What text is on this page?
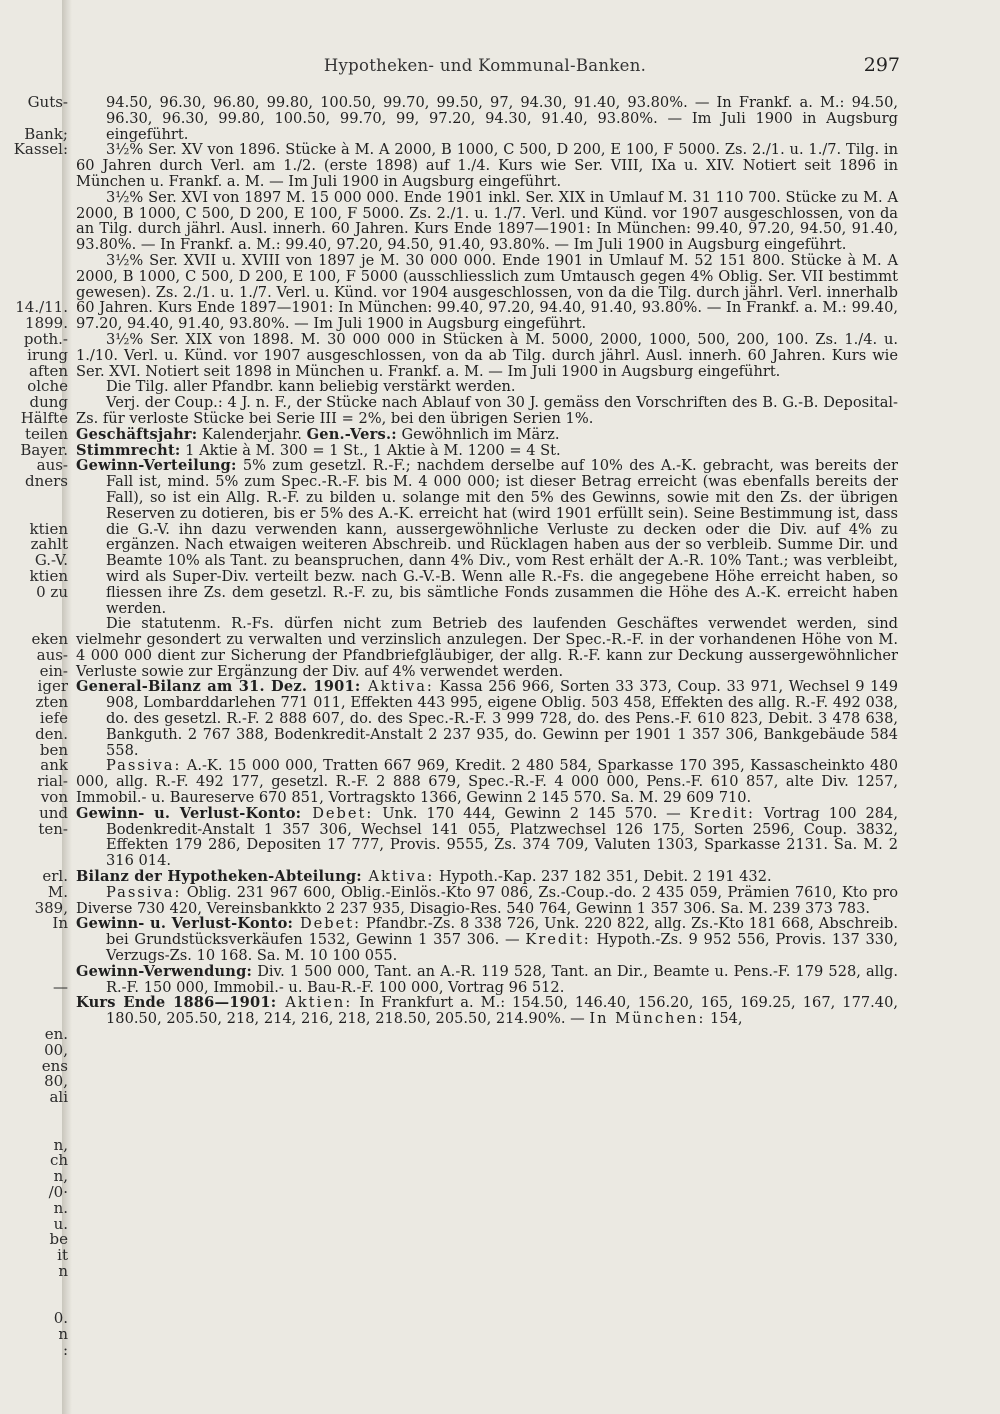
Guts-
Bank;
Kassel:
14./11.
1899.
poth.-
irung
aften
olche
dung
Hälfte
teilen
Bayer.
aus-
dners
ktien
zahlt
G.-V.
ktien
0 zu
eken
aus-
ein-
iger
zten
iefe
den.
ben
ank
rial-
von
und
ten-
erl.
M.
389,
In
—
en.
00,
ens
80,
ali
n,
ch
n,
/0·
n.
u.
be
it
n
0.
n
:
Hypotheken- und Kommunal-Banken.	297

94.50, 96.30, 96.80, 99.80, 100.50, 99.70, 99.50, 97, 94.30, 91.40, 93.80%. — In Frankf. a. M.: 94.50, 96.30, 96.30, 99.80, 100.50, 99.70, 99, 97.20, 94.30, 91.40, 93.80%. — Im Juli 1900 in Augsburg eingeführt.

3½% Ser. XV von 1896. Stücke à M. A 2000, B 1000, C 500, D 200, E 100, F 5000. Zs. 2./1. u. 1./7. Tilg. in 60 Jahren durch Verl. am 1./2. (erste 1898) auf 1./4. Kurs wie Ser. VIII, IXa u. XIV. Notiert seit 1896 in München u. Frankf. a. M. — Im Juli 1900 in Augsburg eingeführt.

3½% Ser. XVI von 1897 M. 15 000 000. Ende 1901 inkl. Ser. XIX in Umlauf M. 31 110 700. Stücke zu M. A 2000, B 1000, C 500, D 200, E 100, F 5000. Zs. 2./1. u. 1./7. Verl. und Künd. vor 1907 ausgeschlossen, von da an Tilg. durch jährl. Ausl. innerh. 60 Jahren. Kurs Ende 1897—1901: In München: 99.40, 97.20, 94.50, 91.40, 93.80%. — In Frankf. a. M.: 99.40, 97.20, 94.50, 91.40, 93.80%. — Im Juli 1900 in Augsburg eingeführt.

3½% Ser. XVII u. XVIII von 1897 je M. 30 000 000. Ende 1901 in Umlauf M. 52 151 800. Stücke à M. A 2000, B 1000, C 500, D 200, E 100, F 5000 (ausschliesslich zum Umtausch gegen 4% Oblig. Ser. VII bestimmt gewesen). Zs. 2./1. u. 1./7. Verl. u. Künd. vor 1904 ausgeschlossen, von da die Tilg. durch jährl. Verl. innerhalb 60 Jahren. Kurs Ende 1897—1901: In München: 99.40, 97.20, 94.40, 91.40, 93.80%. — In Frankf. a. M.: 99.40, 97.20, 94.40, 91.40, 93.80%. — Im Juli 1900 in Augsburg eingeführt.

3½% Ser. XIX von 1898. M. 30 000 000 in Stücken à M. 5000, 2000, 1000, 500, 200, 100. Zs. 1./4. u. 1./10. Verl. u. Künd. vor 1907 ausgeschlossen, von da ab Tilg. durch jährl. Ausl. innerh. 60 Jahren. Kurs wie Ser. XVI. Notiert seit 1898 in München u. Frankf. a. M. — Im Juli 1900 in Augsburg eingeführt.

Die Tilg. aller Pfandbr. kann beliebig verstärkt werden.

Verj. der Coup.: 4 J. n. F., der Stücke nach Ablauf von 30 J. gemäss den Vorschriften des B. G.-B. Deposital-Zs. für verloste Stücke bei Serie III = 2%, bei den übrigen Serien 1%.

Geschäftsjahr: Kalenderjahr. Gen.-Vers.: Gewöhnlich im März.

Stimmrecht: 1 Aktie à M. 300 = 1 St., 1 Aktie à M. 1200 = 4 St.

Gewinn-Verteilung: 5% zum gesetzl. R.-F.; nachdem derselbe auf 10% des A.-K. gebracht, was bereits der Fall ist, mind. 5% zum Spec.-R.-F. bis M. 4 000 000; ist dieser Betrag erreicht (was ebenfalls bereits der Fall), so ist ein Allg. R.-F. zu bilden u. solange mit den 5% des Gewinns, sowie mit den Zs. der übrigen Reserven zu dotieren, bis er 5% des A.-K. erreicht hat (wird 1901 erfüllt sein). Seine Bestimmung ist, dass die G.-V. ihn dazu verwenden kann, aussergewöhnliche Verluste zu decken oder die Div. auf 4% zu ergänzen. Nach etwaigen weiteren Abschreib. und Rücklagen haben aus der so verbleib. Summe Dir. und Beamte 10% als Tant. zu beanspruchen, dann 4% Div., vom Rest erhält der A.-R. 10% Tant.; was verbleibt, wird als Super-Div. verteilt bezw. nach G.-V.-B. Wenn alle R.-Fs. die angegebene Höhe erreicht haben, so fliessen ihre Zs. dem gesetzl. R.-F. zu, bis sämtliche Fonds zusammen die Höhe des A.-K. erreicht haben werden.

Die statutenm. R.-Fs. dürfen nicht zum Betrieb des laufenden Geschäftes verwendet werden, sind vielmehr gesondert zu verwalten und verzinslich anzulegen. Der Spec.-R.-F. in der vorhandenen Höhe von M. 4 000 000 dient zur Sicherung der Pfandbriefgläubiger, der allg. R.-F. kann zur Deckung aussergewöhnlicher Verluste sowie zur Ergänzung der Div. auf 4% verwendet werden.

General-Bilanz am 31. Dez. 1901: Aktiva: Kassa 256 966, Sorten 33 373, Coup. 33 971, Wechsel 9 149 908, Lombarddarlehen 771 011, Effekten 443 995, eigene Oblig. 503 458, Effekten des allg. R.-F. 492 038, do. des gesetzl. R.-F. 2 888 607, do. des Spec.-R.-F. 3 999 728, do. des Pens.-F. 610 823, Debit. 3 478 638, Bankguth. 2 767 388, Bodenkredit-Anstalt 2 237 935, do. Gewinn per 1901 1 357 306, Bankgebäude 584 558.

Passiva: A.-K. 15 000 000, Tratten 667 969, Kredit. 2 480 584, Sparkasse 170 395, Kassascheinkto 480 000, allg. R.-F. 492 177, gesetzl. R.-F. 2 888 679, Spec.-R.-F. 4 000 000, Pens.-F. 610 857, alte Div. 1257, Immobil.- u. Baureserve 670 851, Vortragskto 1366, Gewinn 2 145 570. Sa. M. 29 609 710.

Gewinn- u. Verlust-Konto: Debet: Unk. 170 444, Gewinn 2 145 570. — Kredit: Vortrag 100 284, Bodenkredit-Anstalt 1 357 306, Wechsel 141 055, Platzwechsel 126 175, Sorten 2596, Coup. 3832, Effekten 179 286, Depositen 17 777, Provis. 9555, Zs. 374 709, Valuten 1303, Sparkasse 2131. Sa. M. 2 316 014.

Bilanz der Hypotheken-Abteilung: Aktiva: Hypoth.-Kap. 237 182 351, Debit. 2 191 432.

Passiva: Oblig. 231 967 600, Oblig.-Einlös.-Kto 97 086, Zs.-Coup.-do. 2 435 059, Prämien 7610, Kto pro Diverse 730 420, Vereinsbankkto 2 237 935, Disagio-Res. 540 764, Gewinn 1 357 306. Sa. M. 239 373 783.

Gewinn- u. Verlust-Konto: Debet: Pfandbr.-Zs. 8 338 726, Unk. 220 822, allg. Zs.-Kto 181 668, Abschreib. bei Grundstücksverkäufen 1532, Gewinn 1 357 306. — Kredit: Hypoth.-Zs. 9 952 556, Provis. 137 330, Verzugs-Zs. 10 168. Sa. M. 10 100 055.

Gewinn-Verwendung: Div. 1 500 000, Tant. an A.-R. 119 528, Tant. an Dir., Beamte u. Pens.-F. 179 528, allg. R.-F. 150 000, Immobil.- u. Bau-R.-F. 100 000, Vortrag 96 512.

Kurs Ende 1886—1901: Aktien: In Frankfurt a. M.: 154.50, 146.40, 156.20, 165, 169.25, 167, 177.40, 180.50, 205.50, 218, 214, 216, 218, 218.50, 205.50, 214.90%. — In München: 154,
